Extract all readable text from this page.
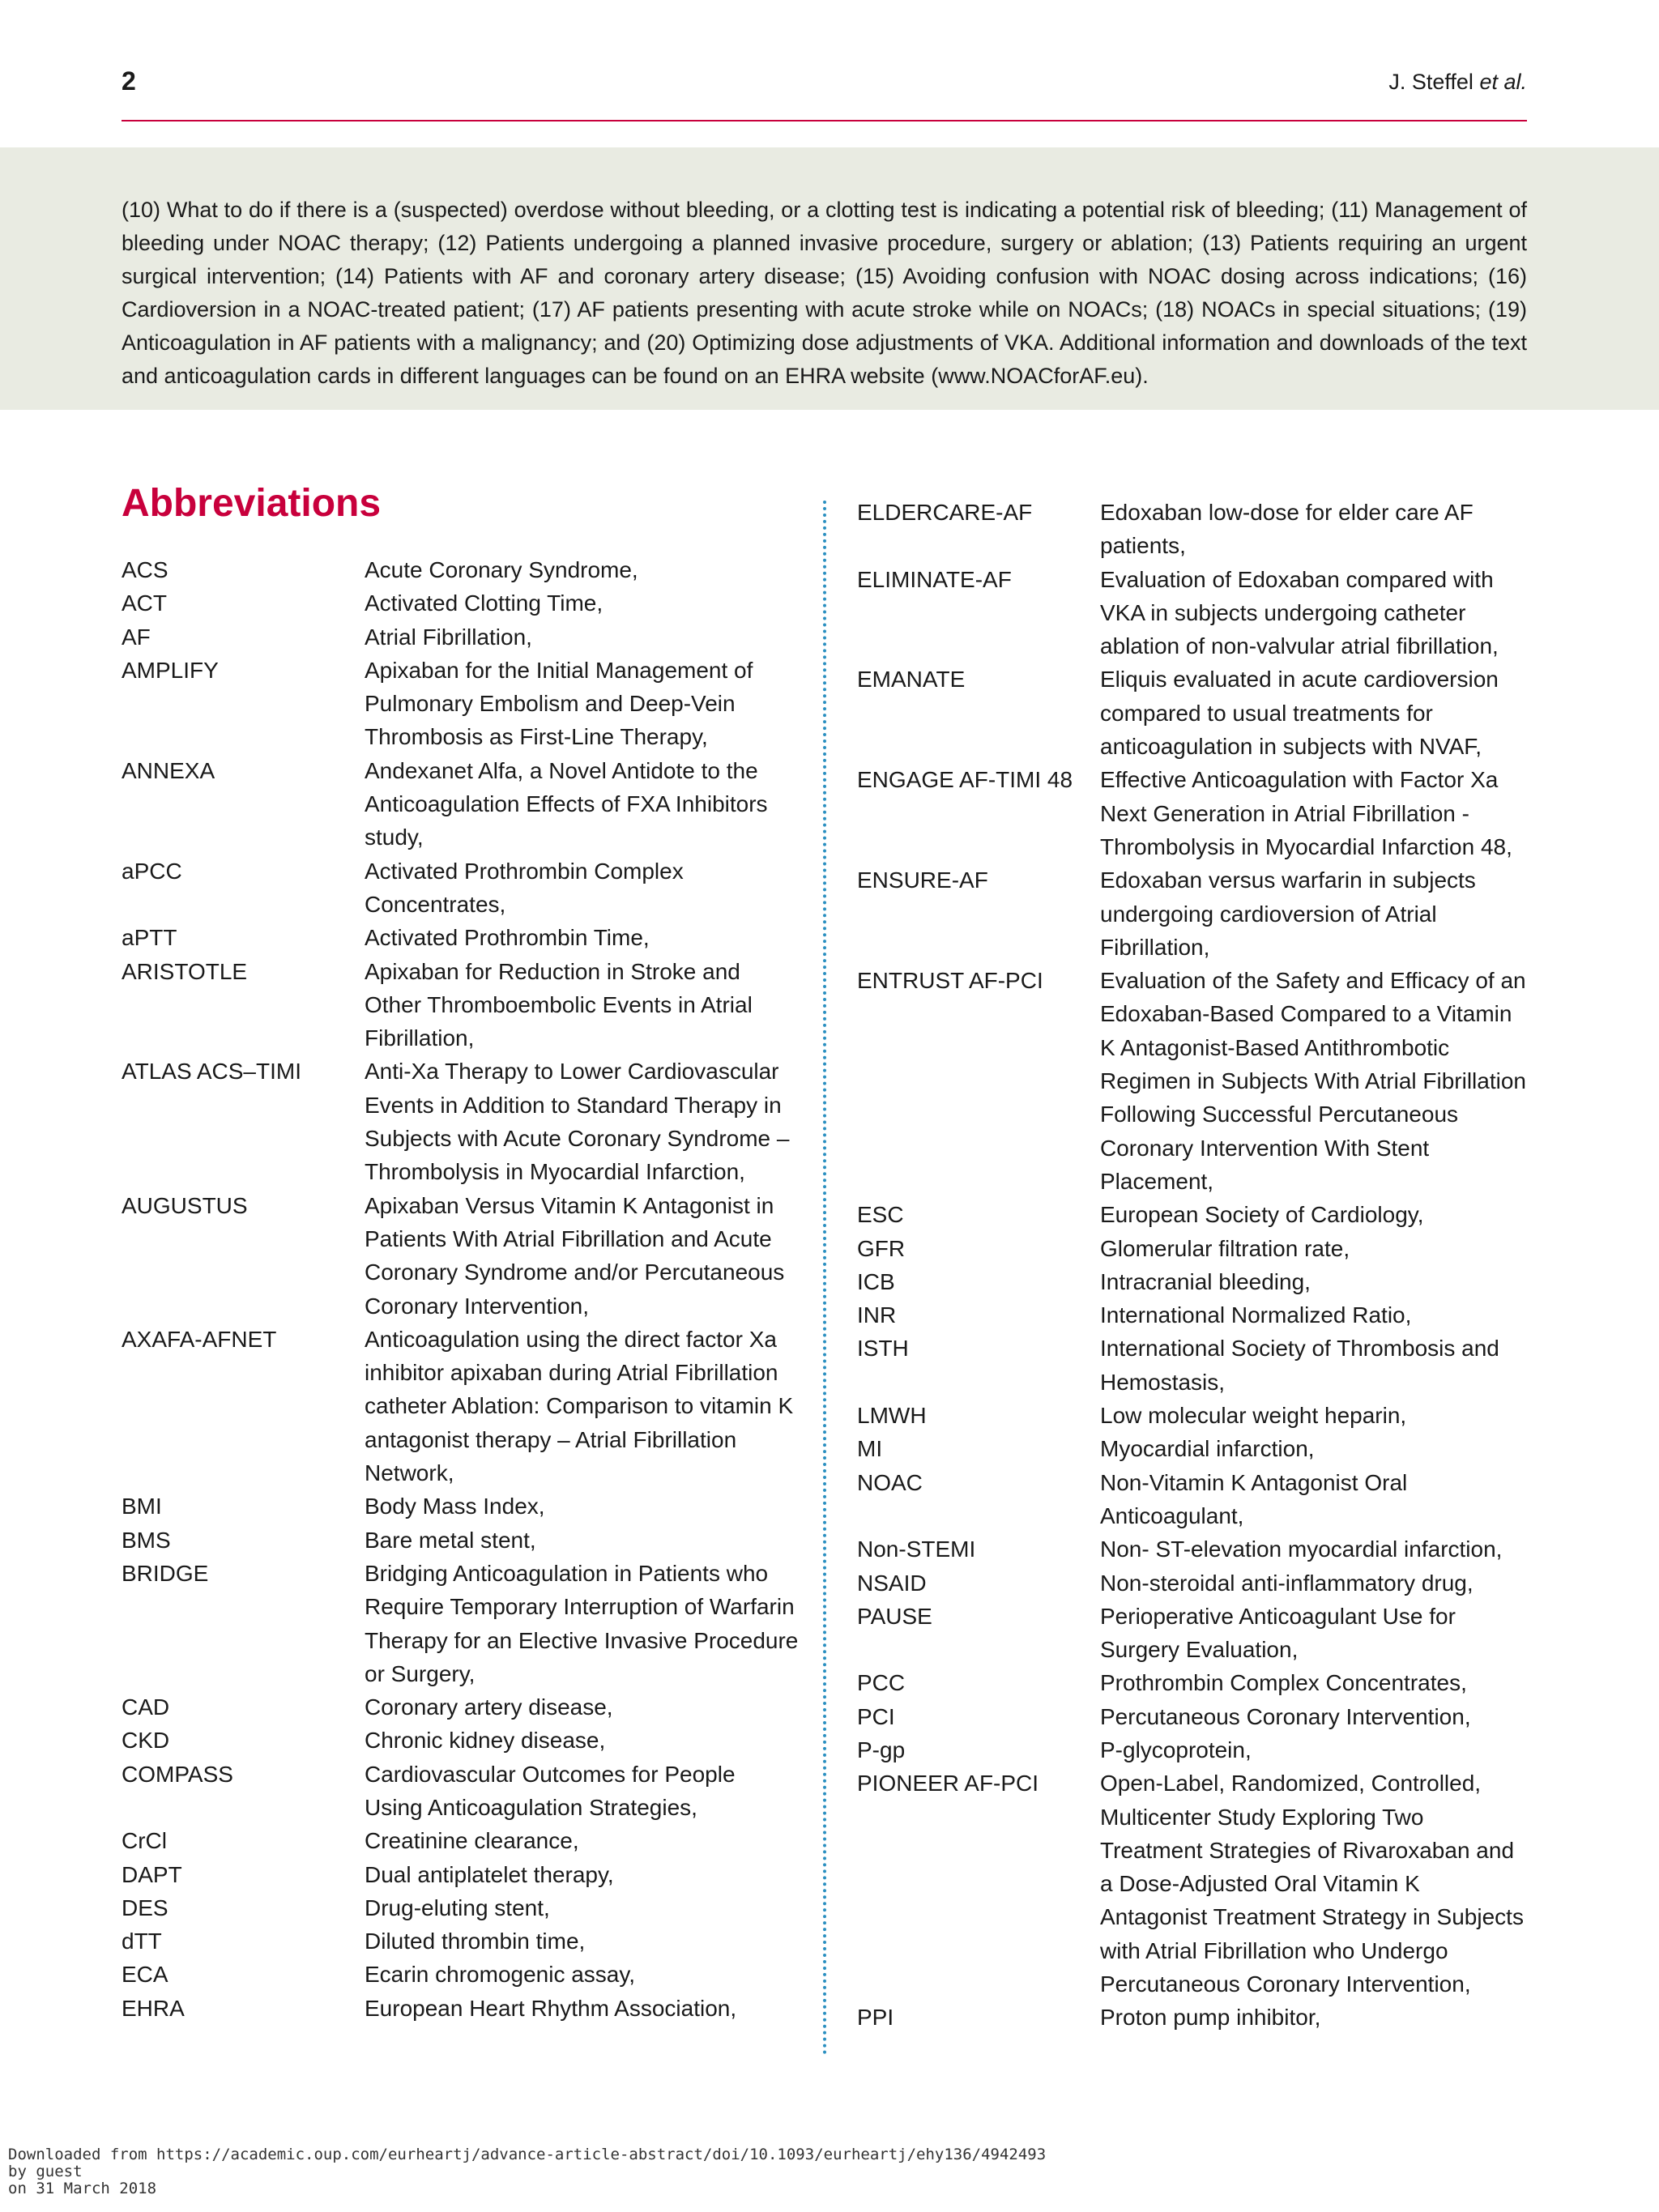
2	J. Steffel et al.

(10) What to do if there is a (suspected) overdose without bleeding, or a clotting test is indicating a potential risk of bleeding; (11) Management of bleeding under NOAC therapy; (12) Patients undergoing a planned invasive procedure, surgery or ablation; (13) Patients requiring an urgent surgical intervention; (14) Patients with AF and coronary artery disease; (15) Avoiding confusion with NOAC dosing across indications; (16) Cardioversion in a NOAC-treated patient; (17) AF patients presenting with acute stroke while on NOACs; (18) NOACs in special situations; (19) Anticoagulation in AF patients with a malignancy; and (20) Optimizing dose adjustments of VKA. Additional information and downloads of the text and anticoagulation cards in different languages can be found on an EHRA website (www.NOACforAF.eu).

Abbreviations
ACS	Acute Coronary Syndrome,
ACT	Activated Clotting Time,
AF	Atrial Fibrillation,
AMPLIFY	Apixaban for the Initial Management of Pulmonary Embolism and Deep-Vein Thrombosis as First-Line Therapy,
ANNEXA	Andexanet Alfa, a Novel Antidote to the Anticoagulation Effects of FXA Inhibitors study,
aPCC	Activated Prothrombin Complex Concentrates,
aPTT	Activated Prothrombin Time,
ARISTOTLE	Apixaban for Reduction in Stroke and Other Thromboembolic Events in Atrial Fibrillation,
ATLAS ACS–TIMI	Anti-Xa Therapy to Lower Cardiovascular Events in Addition to Standard Therapy in Subjects with Acute Coronary Syndrome – Thrombolysis in Myocardial Infarction,
AUGUSTUS	Apixaban Versus Vitamin K Antagonist in Patients With Atrial Fibrillation and Acute Coronary Syndrome and/or Percutaneous Coronary Intervention,
AXAFA-AFNET	Anticoagulation using the direct factor Xa inhibitor apixaban during Atrial Fibrillation catheter Ablation: Comparison to vitamin K antagonist therapy – Atrial Fibrillation Network,
BMI	Body Mass Index,
BMS	Bare metal stent,
BRIDGE	Bridging Anticoagulation in Patients who Require Temporary Interruption of Warfarin Therapy for an Elective Invasive Procedure or Surgery,
CAD	Coronary artery disease,
CKD	Chronic kidney disease,
COMPASS	Cardiovascular Outcomes for People Using Anticoagulation Strategies,
CrCl	Creatinine clearance,
DAPT	Dual antiplatelet therapy,
DES	Drug-eluting stent,
dTT	Diluted thrombin time,
ECA	Ecarin chromogenic assay,
EHRA	European Heart Rhythm Association,
ELDERCARE-AF	Edoxaban low-dose for elder care AF patients,
ELIMINATE-AF	Evaluation of Edoxaban compared with VKA in subjects undergoing catheter ablation of non-valvular atrial fibrillation,
EMANATE	Eliquis evaluated in acute cardioversion compared to usual treatments for anticoagulation in subjects with NVAF,
ENGAGE AF-TIMI 48	Effective Anticoagulation with Factor Xa Next Generation in Atrial Fibrillation - Thrombolysis in Myocardial Infarction 48,
ENSURE-AF	Edoxaban versus warfarin in subjects undergoing cardioversion of Atrial Fibrillation,
ENTRUST AF-PCI	Evaluation of the Safety and Efficacy of an Edoxaban-Based Compared to a Vitamin K Antagonist-Based Antithrombotic Regimen in Subjects With Atrial Fibrillation Following Successful Percutaneous Coronary Intervention With Stent Placement,
ESC	European Society of Cardiology,
GFR	Glomerular filtration rate,
ICB	Intracranial bleeding,
INR	International Normalized Ratio,
ISTH	International Society of Thrombosis and Hemostasis,
LMWH	Low molecular weight heparin,
MI	Myocardial infarction,
NOAC	Non-Vitamin K Antagonist Oral Anticoagulant,
Non-STEMI	Non- ST-elevation myocardial infarction,
NSAID	Non-steroidal anti-inflammatory drug,
PAUSE	Perioperative Anticoagulant Use for Surgery Evaluation,
PCC	Prothrombin Complex Concentrates,
PCI	Percutaneous Coronary Intervention,
P-gp	P-glycoprotein,
PIONEER AF-PCI	Open-Label, Randomized, Controlled, Multicenter Study Exploring Two Treatment Strategies of Rivaroxaban and a Dose-Adjusted Oral Vitamin K Antagonist Treatment Strategy in Subjects with Atrial Fibrillation who Undergo Percutaneous Coronary Intervention,
PPI	Proton pump inhibitor,
Downloaded from https://academic.oup.com/eurheartj/advance-article-abstract/doi/10.1093/eurheartj/ehy136/4942493
by guest
on 31 March 2018
